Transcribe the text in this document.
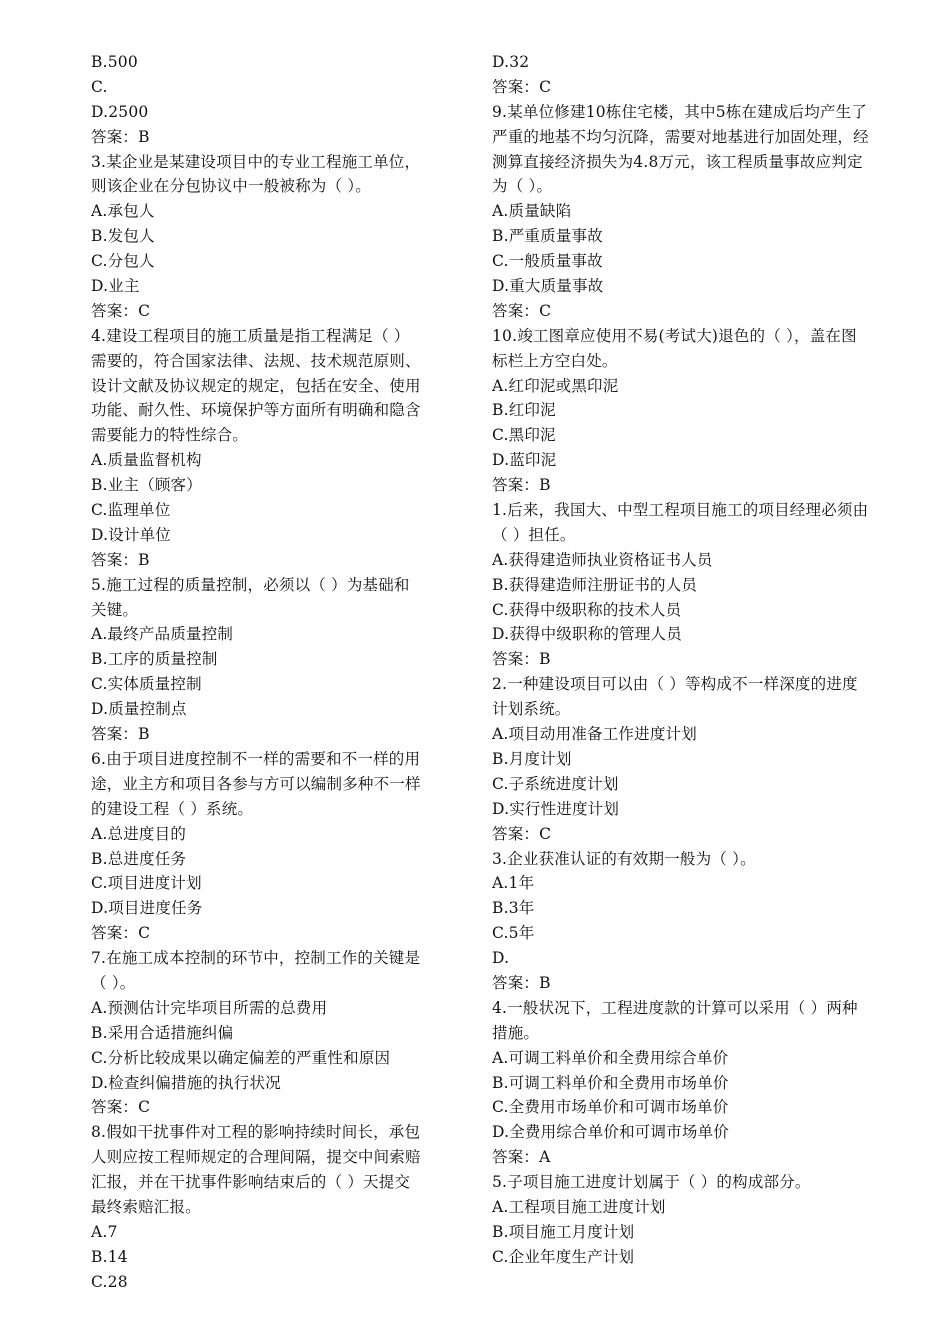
B.500
C.
D.2500
答案：B
3.某企业是某建设项目中的专业工程施工单位，
则该企业在分包协议中一般被称为（ ）。
A.承包人
B.发包人
C.分包人
D.业主
答案：C
4.建设工程项目的施工质量是指工程满足（ ）
需要的，符合国家法律、法规、技术规范原则、
设计文献及协议规定的规定，包括在安全、使用
功能、耐久性、环境保护等方面所有明确和隐含
需要能力的特性综合。
A.质量监督机构
B.业主（顾客）
C.监理单位
D.设计单位
答案：B
5.施工过程的质量控制，必须以（ ）为基础和
关键。
A.最终产品质量控制
B.工序的质量控制
C.实体质量控制
D.质量控制点
答案：B
6.由于项目进度控制不一样的需要和不一样的用
途，业主方和项目各参与方可以编制多种不一样
的建设工程（ ）系统。
A.总进度目的
B.总进度任务
C.项目进度计划
D.项目进度任务
答案：C
7.在施工成本控制的环节中，控制工作的关键是
（ ）。
A.预测估计完毕项目所需的总费用
B.采用合适措施纠偏
C.分析比较成果以确定偏差的严重性和原因
D.检查纠偏措施的执行状况
答案：C
8.假如干扰事件对工程的影响持续时间长，承包
人则应按工程师规定的合理间隔，提交中间索赔
汇报，并在干扰事件影响结束后的（ ）天提交
最终索赔汇报。
A.7
B.14
C.28
D.32
答案：C
9.某单位修建10栋住宅楼，其中5栋在建成后均产生了
严重的地基不均匀沉降，需要对地基进行加固处理，经
测算直接经济损失为4.8万元，该工程质量事故应判定
为（ ）。
A.质量缺陷
B.严重质量事故
C.一般质量事故
D.重大质量事故
答案：C
10.竣工图章应使用不易(考试大)退色的（ ），盖在图
标栏上方空白处。
A.红印泥或黑印泥
B.红印泥
C.黑印泥
D.蓝印泥
答案：B
1.后来，我国大、中型工程项目施工的项目经理必须由
（ ）担任。
A.获得建造师执业资格证书人员
B.获得建造师注册证书的人员
C.获得中级职称的技术人员
D.获得中级职称的管理人员
答案：B
2.一种建设项目可以由（ ）等构成不一样深度的进度
计划系统。
A.项目动用准备工作进度计划
B.月度计划
C.子系统进度计划
D.实行性进度计划
答案：C
3.企业获准认证的有效期一般为（ ）。
A.1年
B.3年
C.5年
D.
答案：B
4.一般状况下，工程进度款的计算可以采用（ ）两种
措施。
A.可调工料单价和全费用综合单价
B.可调工料单价和全费用市场单价
C.全费用市场单价和可调市场单价
D.全费用综合单价和可调市场单价
答案：A
5.子项目施工进度计划属于（ ）的构成部分。
A.工程项目施工进度计划
B.项目施工月度计划
C.企业年度生产计划
